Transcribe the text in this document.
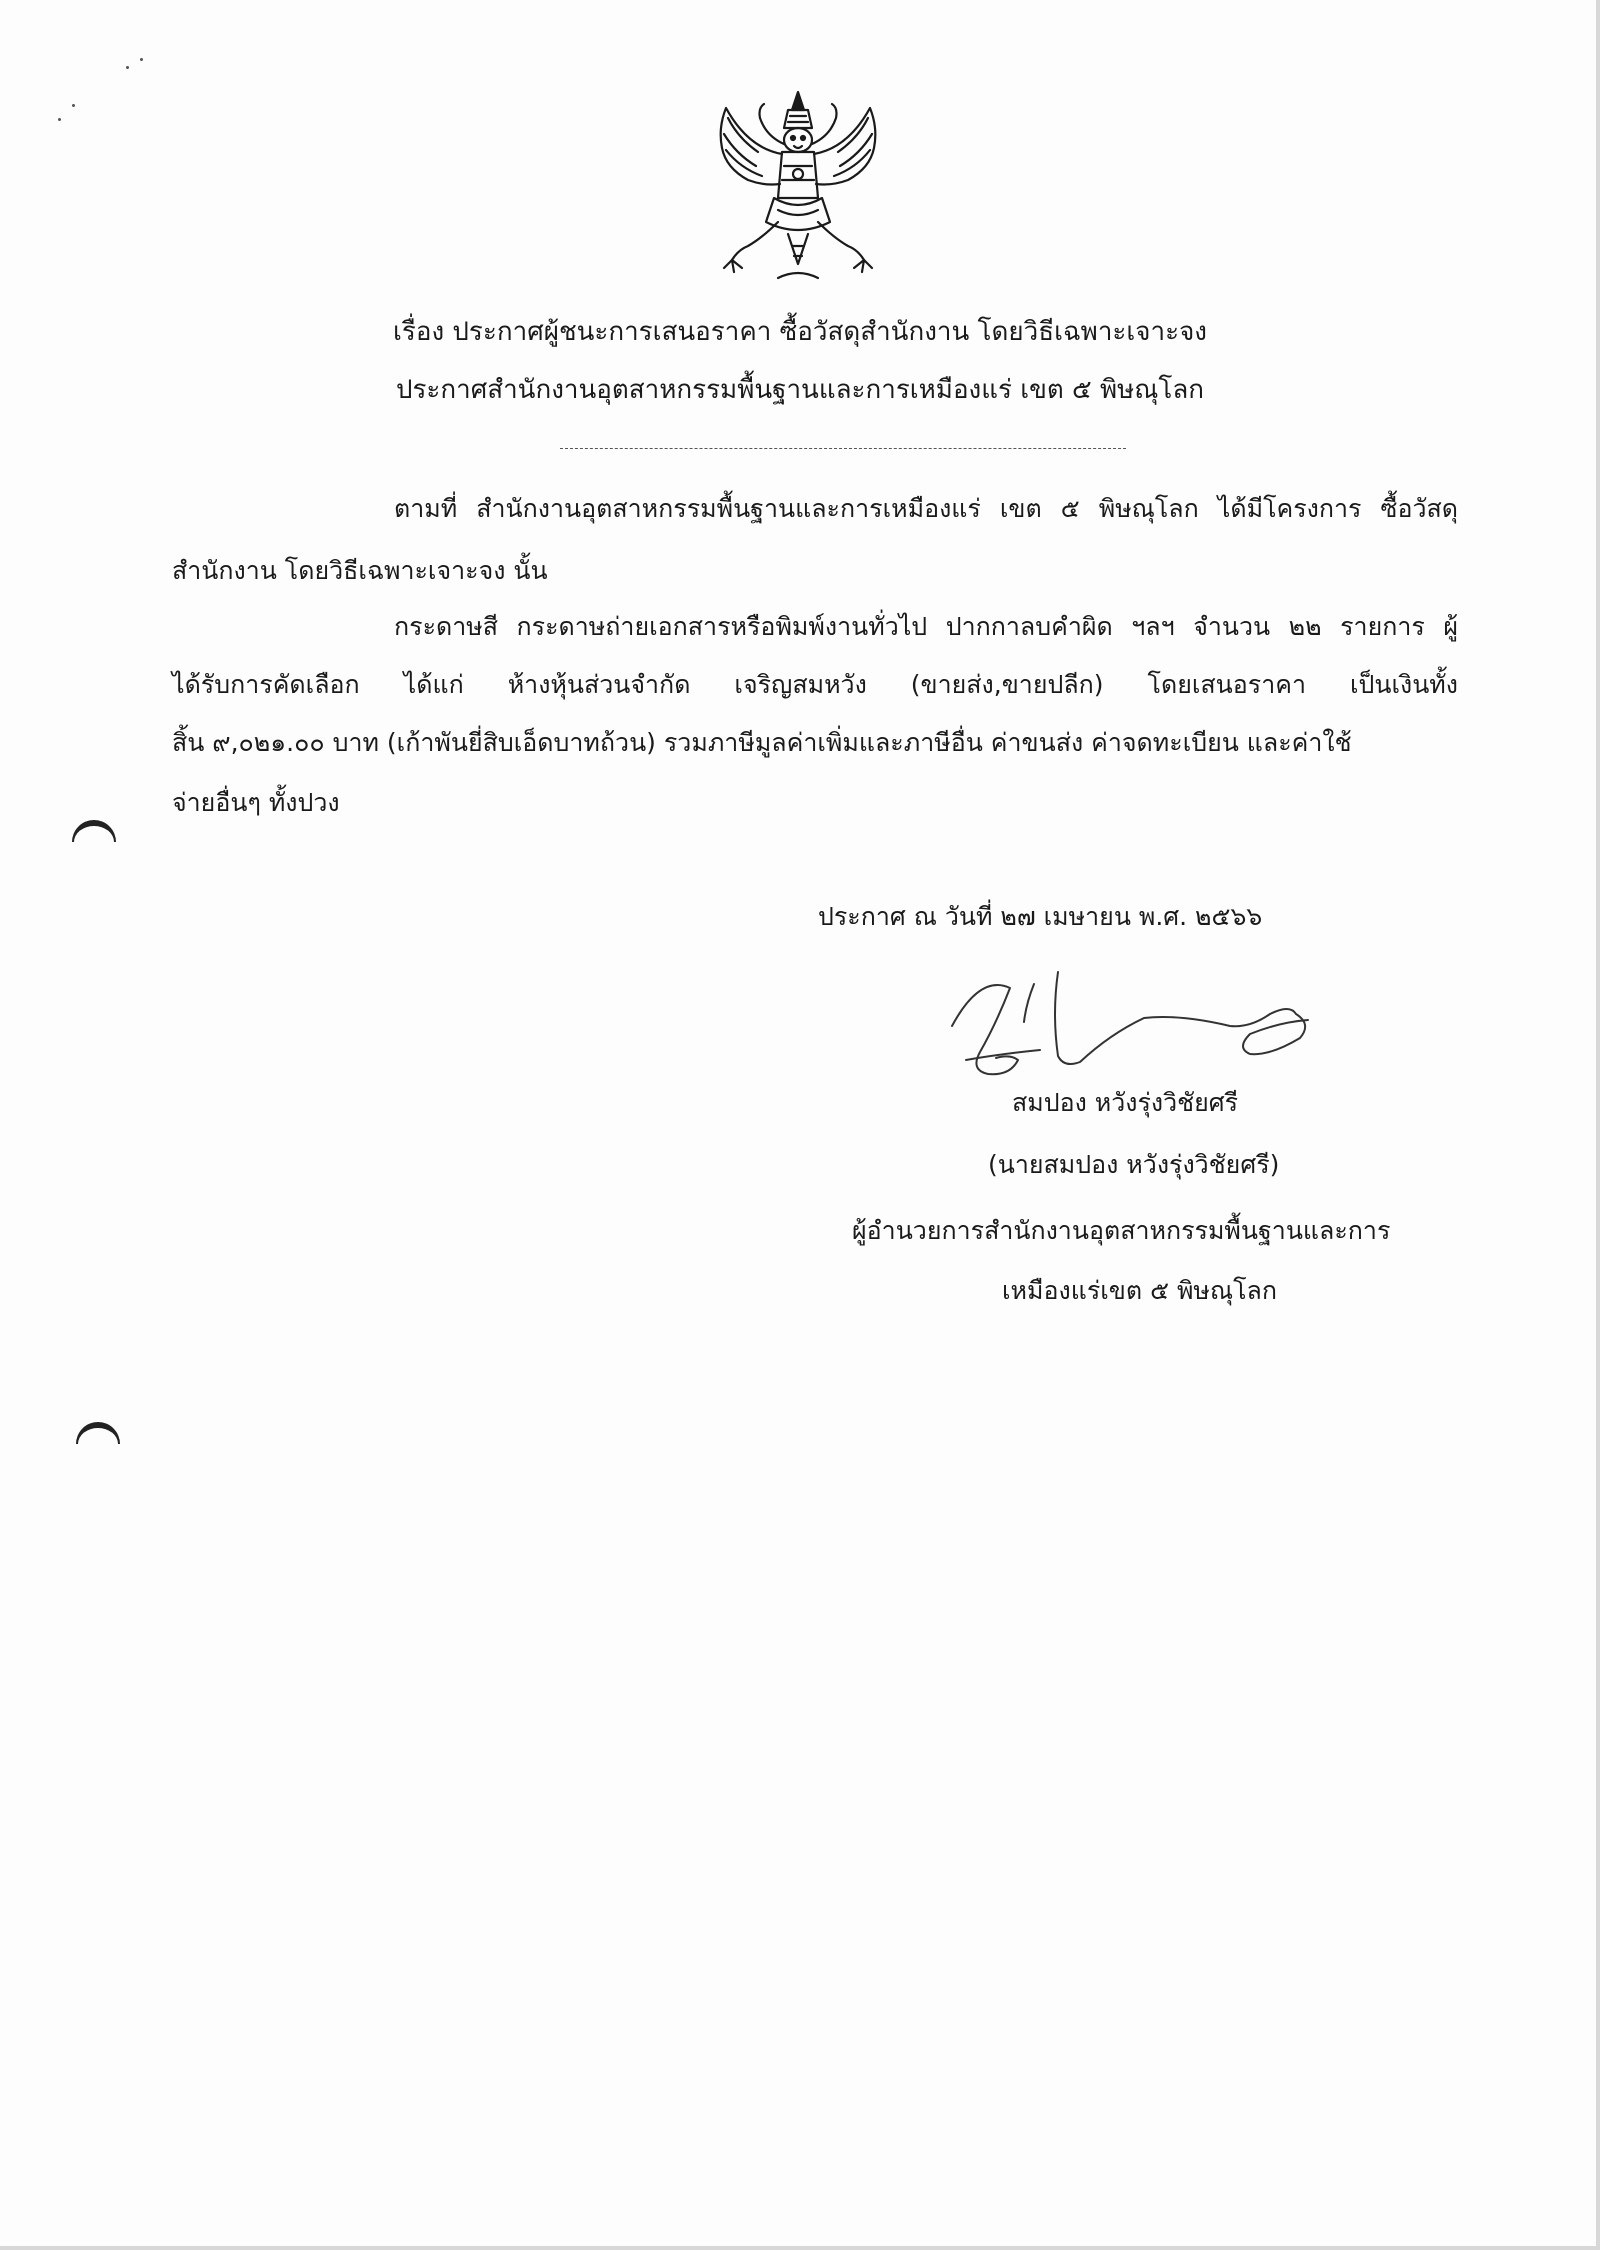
เรื่อง ประกาศผู้ชนะการเสนอราคา ซื้อวัสดุสำนักงาน โดยวิธีเฉพาะเจาะจง
ประกาศสำนักงานอุตสาหกรรมพื้นฐานและการเหมืองแร่ เขต ๕ พิษณุโลก
ตามที่ สำนักงานอุตสาหกรรมพื้นฐานและการเหมืองแร่ เขต ๕ พิษณุโลก ได้มีโครงการ ซื้อวัสดุ
สำนักงาน โดยวิธีเฉพาะเจาะจง นั้น
กระดาษสี กระดาษถ่ายเอกสารหรือพิมพ์งานทั่วไป ปากกาลบคำผิด ฯลฯ จำนวน ๒๒ รายการ ผู้
ได้รับการคัดเลือก ได้แก่ ห้างหุ้นส่วนจำกัด เจริญสมหวัง (ขายส่ง,ขายปลีก) โดยเสนอราคา เป็นเงินทั้ง
สิ้น ๙,๐๒๑.๐๐ บาท (เก้าพันยี่สิบเอ็ดบาทถ้วน) รวมภาษีมูลค่าเพิ่มและภาษีอื่น ค่าขนส่ง ค่าจดทะเบียน และค่าใช้
จ่ายอื่นๆ ทั้งปวง
ประกาศ ณ วันที่ ๒๗ เมษายน พ.ศ. ๒๕๖๖
สมปอง หวังรุ่งวิชัยศรี
(นายสมปอง หวังรุ่งวิชัยศรี)
ผู้อำนวยการสำนักงานอุตสาหกรรมพื้นฐานและการ
เหมืองแร่เขต ๕ พิษณุโลก
